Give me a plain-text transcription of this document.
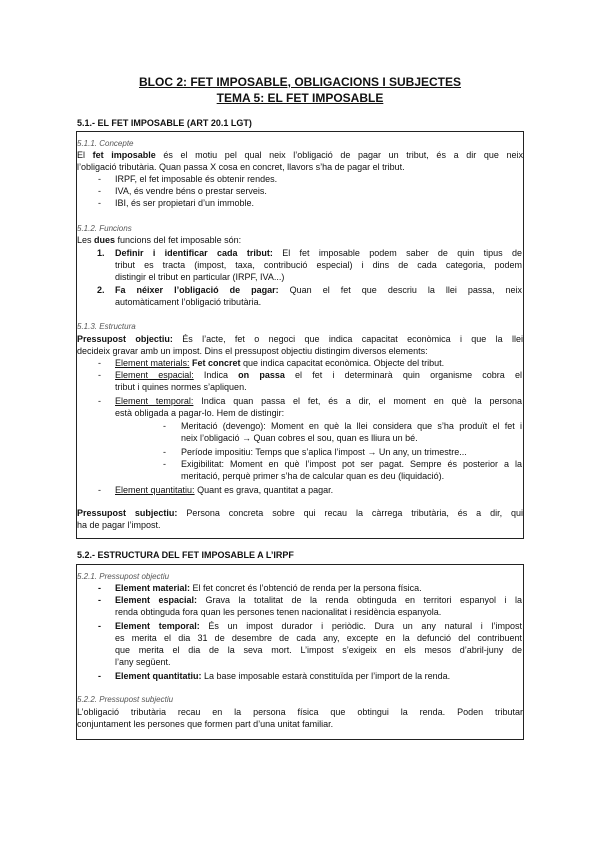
BLOC 2: FET IMPOSABLE, OBLIGACIONS I SUBJECTES
TEMA 5: EL FET IMPOSABLE
5.1.- EL FET IMPOSABLE (ART 20.1 LGT)
5.1.1. Concepte
El fet imposable és el motiu pel qual neix l’obligació de pagar un tribut, és a dir que neix
l’obligació tributària. Quan passa X cosa en concret, llavors s’ha de pagar el tribut.
- IRPF, el fet imposable és obtenir rendes.
- IVA, és vendre béns o prestar serveis.
- IBI, és ser propietari d’un immoble.
5.1.2. Funcions
Les dues funcions del fet imposable són:
1. Definir i identificar cada tribut: El fet imposable podem saber de quin tipus de
tribut es tracta (impost, taxa, contribució especial) i dins de cada categoria, podem
distingir el tribut en particular (IRPF, IVA...)
2. Fa néixer l’obligació de pagar: Quan el fet que descriu la llei passa, neix
automàticament l’obligació tributària.
5.1.3. Estructura
Pressupost objectiu: És l’acte, fet o negoci que indica capacitat econòmica i que la llei
decideix gravar amb un impost. Dins el pressupost objectiu distingim diversos elements:
- Element materials: Fet concret que indica capacitat econòmica. Objecte del tribut.
- Element espacial: Indica on passa el fet i determinarà quin organisme cobra el
tribut i quines normes s’apliquen.
- Element temporal: Indica quan passa el fet, és a dir, el moment en què la persona
està obligada a pagar-lo. Hem de distingir:
- Meritació (devengo): Moment en què la llei considera que s’ha produït el fet i
neix l’obligació → Quan cobres el sou, quan es lliura un bé.
- Període impositiu: Temps que s’aplica l’impost → Un any, un trimestre...
- Exigibilitat: Moment en què l’impost pot ser pagat. Sempre és posterior a la
meritació, perquè primer s’ha de calcular quan es deu (liquidació).
- Element quantitatiu: Quant es grava, quantitat a pagar.
Pressupost subjectiu: Persona concreta sobre qui recau la càrrega tributària, és a dir, qui
ha de pagar l’impost.
5.2.- ESTRUCTURA DEL FET IMPOSABLE A L’IRPF
5.2.1. Pressupost objectiu
- Element material: El fet concret és l’obtenció de renda per la persona física.
- Element espacial: Grava la totalitat de la renda obtinguda en territori espanyol i la
renda obtinguda fora quan les persones tenen nacionalitat i residència espanyola.
- Element temporal: És un impost durador i periòdic. Dura un any natural i l’impost
es merita el dia 31 de desembre de cada any, excepte en la defunció del contribuent
que merita el dia de la seva mort. L’impost s’exigeix en els mesos d’abril-juny de
l’any següent.
- Element quantitatiu: La base imposable estarà constituïda per l’import de la renda.
5.2.2. Pressupost subjectiu
L’obligació tributària recau en la persona física que obtingui la renda. Poden tributar
conjuntament les persones que formen part d’una unitat familiar.
